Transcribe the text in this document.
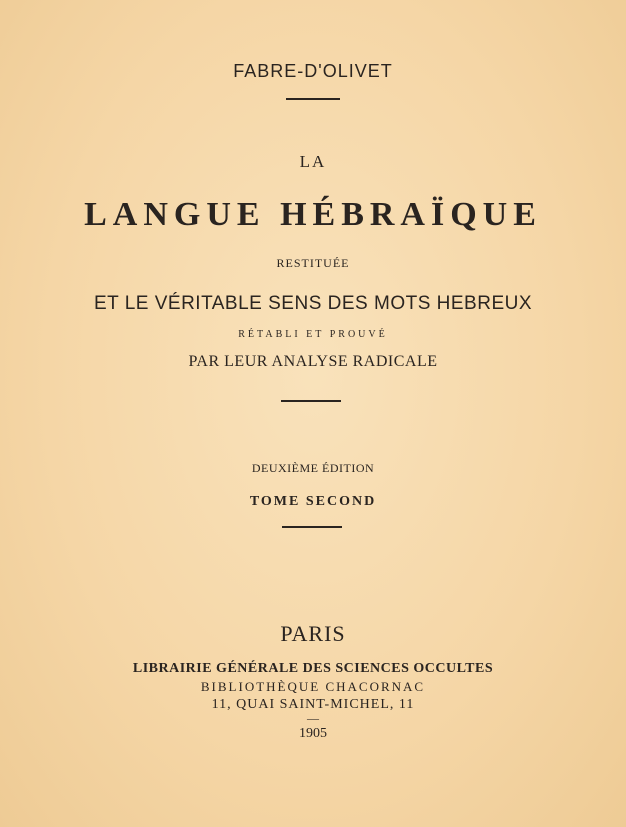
FABRE-D'OLIVET
LA
LANGUE HÉBRAÏQUE
RESTITUÉE
ET LE VÉRITABLE SENS DES MOTS HEBREUX
RÉTABLI ET PROUVÉ
PAR LEUR ANALYSE RADICALE
DEUXIÈME ÉDITION
TOME SECOND
PARIS
LIBRAIRIE GÉNÉRALE DES SCIENCES OCCULTES
BIBLIOTHÈQUE CHACORNAC
11, QUAI SAINT-MICHEL, 11
—
1905
